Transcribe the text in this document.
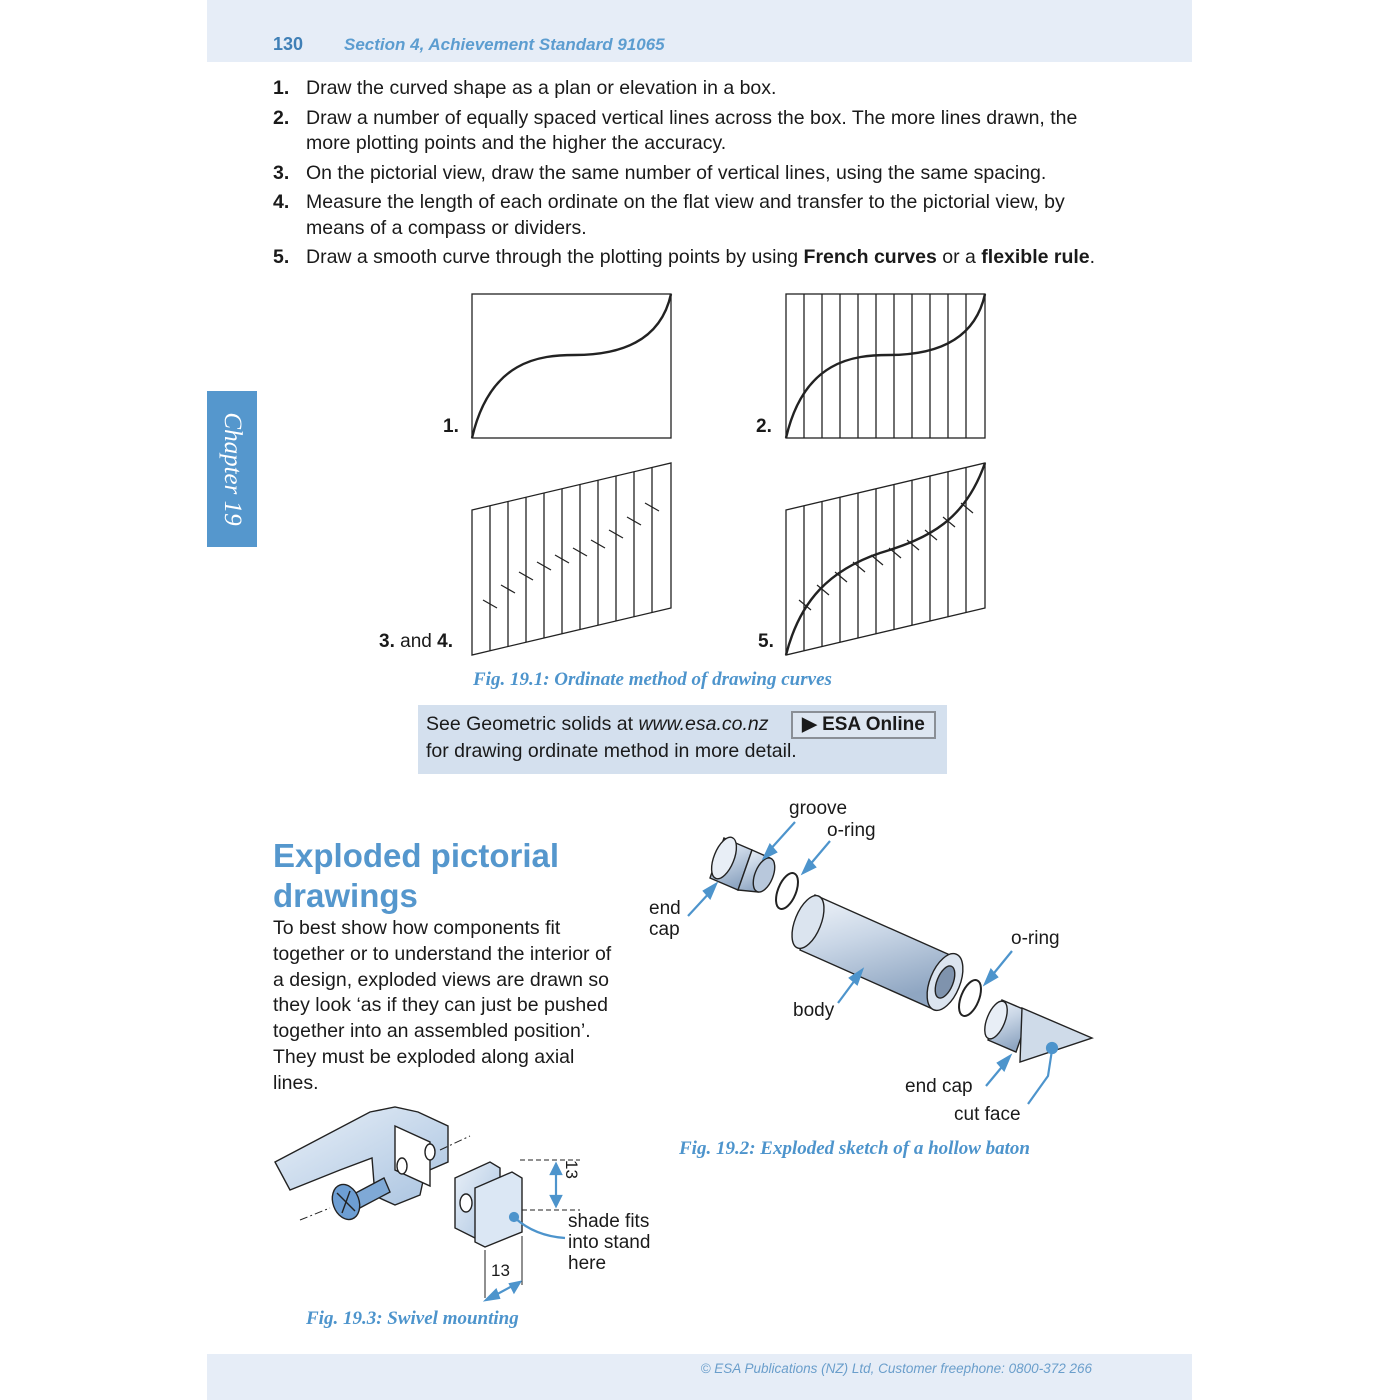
130 Section 4, Achievement Standard 91065
Chapter 19
1. Draw the curved shape as a plan or elevation in a box.
2. Draw a number of equally spaced vertical lines across the box. The more lines drawn, the more plotting points and the higher the accuracy.
3. On the pictorial view, draw the same number of vertical lines, using the same spacing.
4. Measure the length of each ordinate on the flat view and transfer to the pictorial view, by means of a compass or dividers.
5. Draw a smooth curve through the plotting points by using French curves or a flexible rule.
1.	2.
3. and 4.	5.
Fig. 19.1: Ordinate method of drawing curves
See Geometric solids at www.esa.co.nz	▶ ESA Online
for drawing ordinate method in more detail.
Exploded pictorial
drawings

To best show how components fit together or to understand the interior of a design, exploded views are drawn so they look ‘as if they can just be pushed together into an assembled position’. They must be exploded along axial lines.

groove
o-ring
end
cap	o-ring
body
end cap
cut face
Fig. 19.2: Exploded sketch of a hollow baton
13
13
shade fits
into stand
here
Fig. 19.3: Swivel mounting
© ESA Publications (NZ) Ltd, Customer freephone: 0800-372 266
